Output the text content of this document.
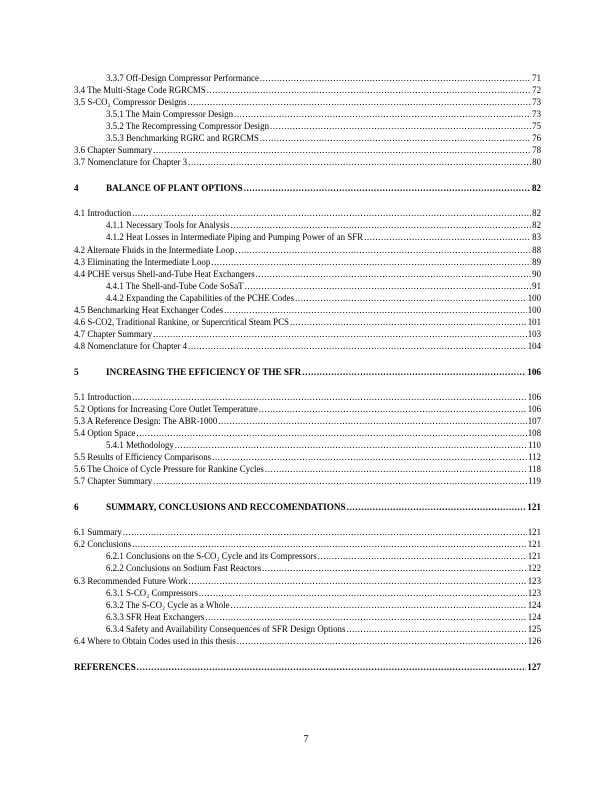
3.3.7 Off-Design Compressor Performance .....	71
3.4 The Multi-Stage Code RGRCMS .....	72
3.5 S-CO₂ Compressor Designs .....	73
3.5.1 The Main Compressor Design .....	73
3.5.2 The Recompressing Compressor Design .....	75
3.5.3 Benchmarking RGRC and RGRCMS .....	76
3.6 Chapter Summary .....	78
3.7 Nomenclature for Chapter 3 .....	80
4	BALANCE OF PLANT OPTIONS .....	82
4.1 Introduction .....	82
4.1.1 Necessary Tools for Analysis .....	82
4.1.2 Heat Losses in Intermediate Piping and Pumping Power of an SFR .....	83
4.2 Alternate Fluids in the Intermediate Loop .....	88
4.3 Eliminating the Intermediate Loop .....	89
4.4 PCHE versus Shell-and-Tube Heat Exchangers .....	90
4.4.1 The Shell-and-Tube Code SoSaT .....	91
4.4.2 Expanding the Capabilities of the PCHE Codes .....	100
4.5 Benchmarking Heat Exchanger Codes .....	100
4.6 S-CO2, Traditional Rankine, or Supercritical Steam PCS .....	101
4.7 Chapter Summary .....	103
4.8 Nomenclature for Chapter 4 .....	104
5	INCREASING THE EFFICIENCY OF THE SFR .....	106
5.1 Introduction .....	106
5.2 Options for Increasing Core Outlet Temperature .....	106
5.3 A Reference Design: The ABR-1000 .....	107
5.4 Option Space .....	108
5.4.1 Methodology .....	110
5.5 Results of Efficiency Comparisons .....	112
5.6 The Choice of Cycle Pressure for Rankine Cycles .....	118
5.7 Chapter Summary .....	119
6	SUMMARY, CONCLUSIONS AND RECCOMENDATIONS .....	121
6.1 Summary .....	121
6.2 Conclusions .....	121
6.2.1 Conclusions on the S-CO₂ Cycle and its Compressors .....	121
6.2.2 Conclusions on Sodium Fast Reactors .....	122
6.3 Recommended Future Work .....	123
6.3.1 S-CO₂ Compressors .....	123
6.3.2 The S-CO₂ Cycle as a Whole .....	124
6.3.3 SFR Heat Exchangers .....	124
6.3.4 Safety and Availability Consequences of SFR Design Options .....	125
6.4 Where to Obtain Codes used in this thesis .....	126
REFERENCES .....	127
7
